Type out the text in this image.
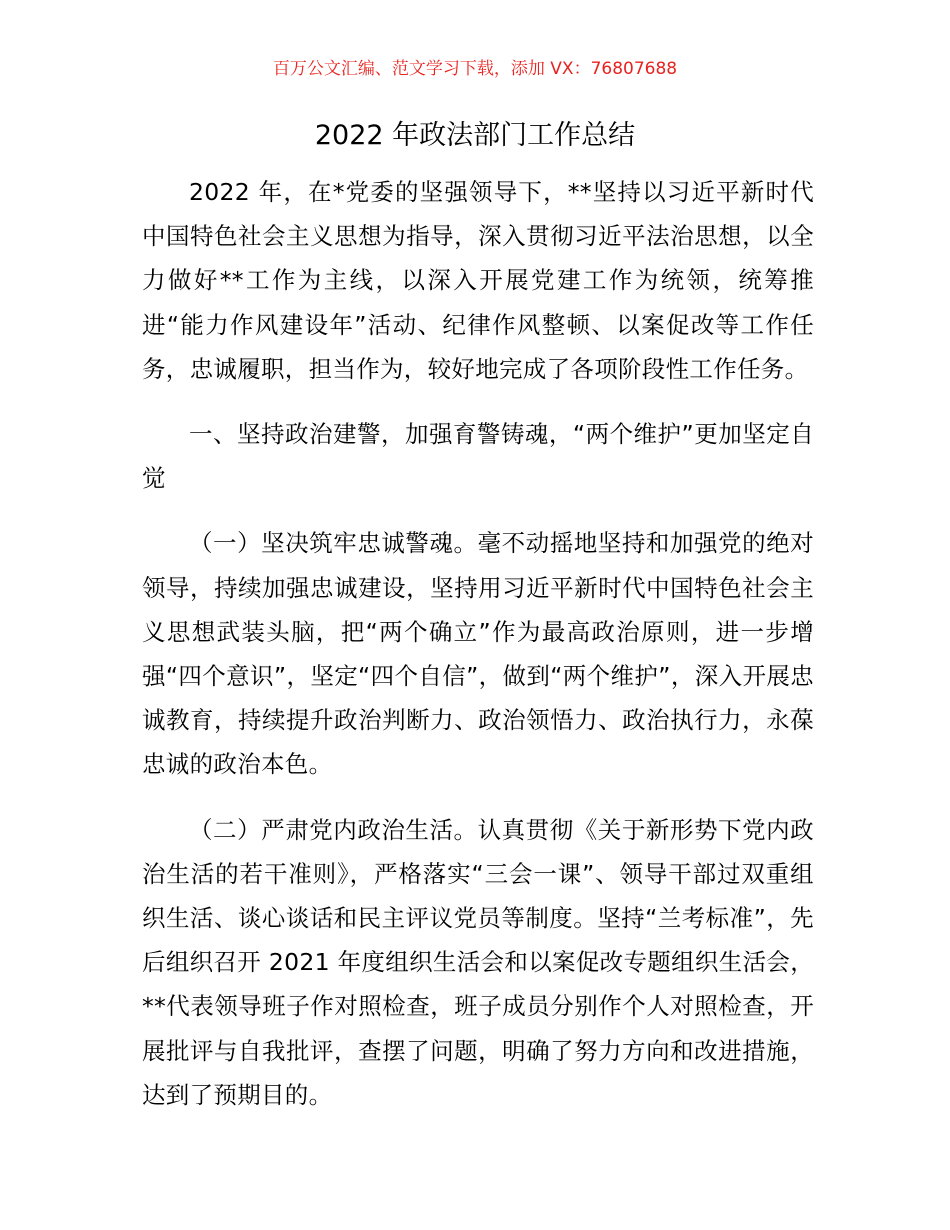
百万公文汇编、范文学习下载，添加 VX：76807688
2022 年政法部门工作总结

2022 年，在*党委的坚强领导下，**坚持以习近平新时代中国特色社会主义思想为指导，深入贯彻习近平法治思想，以全力做好**工作为主线，以深入开展党建工作为统领，统筹推进“能力作风建设年”活动、纪律作风整顿、以案促改等工作任务，忠诚履职，担当作为，较好地完成了各项阶段性工作任务。

一、坚持政治建警，加强育警铸魂，“两个维护”更加坚定自觉

（一）坚决筑牢忠诚警魂。毫不动摇地坚持和加强党的绝对领导，持续加强忠诚建设，坚持用习近平新时代中国特色社会主义思想武装头脑，把“两个确立”作为最高政治原则，进一步增强“四个意识”，坚定“四个自信”，做到“两个维护”，深入开展忠诚教育，持续提升政治判断力、政治领悟力、政治执行力，永葆忠诚的政治本色。

（二）严肃党内政治生活。认真贯彻《关于新形势下党内政治生活的若干准则》，严格落实“三会一课”、领导干部过双重组织生活、谈心谈话和民主评议党员等制度。坚持“兰考标准”，先后组织召开 2021 年度组织生活会和以案促改专题组织生活会，**代表领导班子作对照检查，班子成员分别作个人对照检查，开展批评与自我批评，查摆了问题，明确了努力方向和改进措施，达到了预期目的。
